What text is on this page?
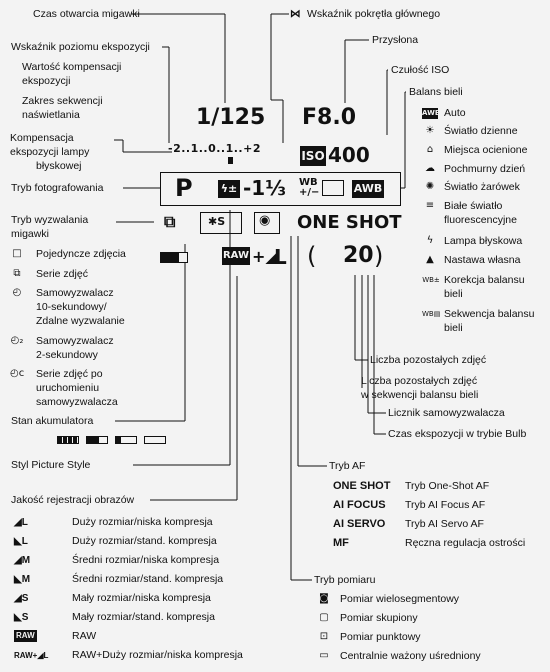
Czas otwarcia migawki
Wskaźnik poziomu ekspozycji
Wartość kompensacji
ekspozycji
Zakres sekwencji
naświetlania
Kompensacja
ekspozycji lampy
błyskowej
Tryb fotografowania
Tryb wyzwalania
migawki
□ Pojedyncze zdjęcia
⧉	Serie zdjęć
◴ Samowyzwalacz
10-sekundowy/
Zdalne wyzwalanie
◴₂ Samowyzwalacz
2-sekundowy
◴c Serie zdjęć po
uruchomieniu
samowyzwalacza
Stan akumulatora
Styl Picture Style
Jakość rejestracji obrazów
◢L	Duży rozmiar/niska kompresja
◣L	Duży rozmiar/stand. kompresja
◢M	Średni rozmiar/niska kompresja
◣M	Średni rozmiar/stand. kompresja
◢S	Mały rozmiar/niska kompresja
◣S	Mały rozmiar/stand. kompresja
RAW	RAW
RAW+◢L RAW+Duży rozmiar/niska kompresja
⋈ Wskaźnik pokrętła głównego
Przysłona
Czułość ISO
Balans bieli
AWB Auto
☀ Światło dzienne
⌂	Miejsca ocienione
☁ Pochmurny dzień
✺ Światło żarówek
≡ Białe światło
fluorescencyjne
ϟ	Lampa błyskowa
▲ Nastawa własna
WB± Korekcja balansu
bieli
WB▤ Sekwencja balansu
bieli
1/125 F8.0
-2..1..0..1..+2
ISO 400
P	ϟ± -1⅓ WB
+/−	AWB
⧉	✱S	◉ ONE SHOT
RAW +◢
L ( 20 )
Liczba pozostałych zdjęć
Liczba pozostałych zdjęć
w sekwencji balansu bieli
Licznik samowyzwalacza
Czas ekspozycji w trybie Bulb
Tryb AF
ONE SHOT Tryb One-Shot AF
AI FOCUS Tryb AI Focus AF
AI SERVO Tryb AI Servo AF
MF	Ręczna regulacja ostrości
Tryb pomiaru
◙ Pomiar wielosegmentowy
▢ Pomiar skupiony
⊡ Pomiar punktowy
▭ Centralnie ważony uśredniony
